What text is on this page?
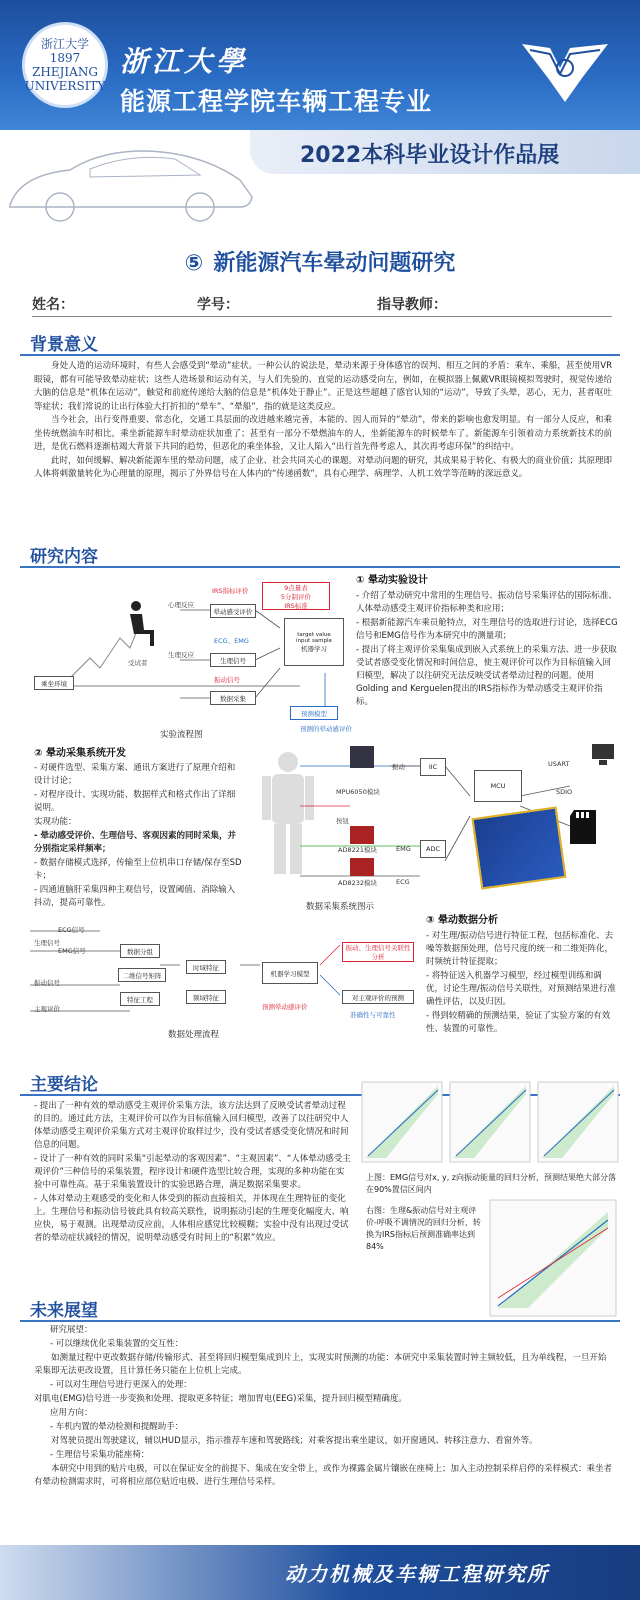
浙江大学
1897
ZHEJIANG UNIVERSITY
浙江大學
能源工程学院车辆工程专业
2022本科毕业设计作品展
⑤ 新能源汽车晕动问题研究
姓名：	学号：	指导教师：
背景意义

身处人造的运动环境时，有些人会感受到“晕动”症状。一种公认的说法是，晕动来源于身体感官的误判、相互之间的矛盾：乘车、乘船，甚至使用VR眼镜，都有可能导致晕动症状；这些人造场景和运动有关，与人们先验的、直觉的运动感受向左，例如，在模拟器上佩戴VR眼镜模拟驾驶时，视觉传递给大脑的信息是“机体在运动”，触觉和前庭传递给大脑的信息是“机体处于静止”。正是这些超越了感官认知的“运动”，导致了头晕，恶心，无力，甚者呕吐等症状；我们常说的让出行体验大打折扣的“晕车”、“晕船”，指的就是这类反应。

当今社会，出行变得重要、常态化，交通工具层面的改进越来越完善，本能的、因人而异的“晕动”，带来的影响也愈发明显。有一部分人反应，和乘坐传统燃油车时相比，乘坐新能源车时晕动症状加重了；甚至有一部分不晕燃油车的人，坐新能源车的时候晕车了。新能源车引领着动力系统新技术的前进，是优石燃料逐渐枯竭大背景下共同的趋势，但恶化的乘坐体验，又让人陷入“出行首先得考虑人，其次再考虑环保”的纠结中。

此时，如何缓解、解决新能源车里的晕动问题，成了企业、社会共同关心的课题。对晕动问题的研究，其成果易于转化、有极大的商业价值；其原理即人体将刺激量转化为心理量的原理，揭示了外界信号在人体内的“传递函数”，具有心理学、病理学、人机工效学等范畴的深远意义。

研究内容
受试者
乘坐环境
心理反应
生理反应
IRS指标评价
晕动感受评价
ECG、EMG
生理信号
振动信号
数据采集
9点量表
5分制评价
IRS标准
target value
input sample
机器学习
预测模型
预测的晕动感评价
实验流程图
① 晕动实验设计
- 介绍了晕动研究中常用的生理信号、振动信号采集评估的国际标准、人体晕动感受主观评价指标种类和应用；
- 根据新能源汽车乘员舱特点，对生理信号的选取进行讨论，选择ECG信号和EMG信号作为本研究中的测量项；
- 提出了将主观评价采集集成到嵌入式系统上的采集方法、进一步获取受试者感受变化情况和时间信息，使主观评价可以作为目标值输入回归模型，解决了以往研究无法反映受试者晕动过程的问题。使用Golding and Kerguelen提出的IRS指标作为晕动感受主观评价指标。
② 晕动采集系统开发
- 对硬件选型、采集方案、通讯方案进行了原理介绍和设计讨论；
- 对程序设计、实现功能、数据样式和格式作出了详细说明。
实现功能：
- 晕动感受评价、生理信号、客观因素的同时采集，并分别指定采样频率；
- 数据存储模式选择，传输至上位机串口存储/保存至SD卡；
- 四通道脑肝采集四种主观信号，设置阈值、消除输入抖动，提高可靠性。
MPU6050模块
振动
按钮
AD8221模块	EMG
AD8232模块	ECG
IIC
ADC
MCU
USART
SDIO
数据采集系统图示
ECG信号
生理信号
EMG信号
振动信号
主观评价
数据分组
二维信号矩阵
特征工程
时域特征
频域特征
机器学习模型
预测晕动感评价
振动、生理信号关联性分析
对主观评价的预测
准确性与可靠性
数据处理流程
③ 晕动数据分析
- 对生理/振动信号进行特征工程，包括标准化、去噪等数据预处理，信号尺度的统一和二维矩阵化，时频统计特征提取；
- 将特征送入机器学习模型，经过模型训练和调优，讨论生理/振动信号关联性，对预测结果进行准确性评估，以及归因。
- 得到较精确的预测结果，验证了实验方案的有效性、装置的可靠性。
主要结论
- 提出了一种有效的晕动感受主观评价采集方法，该方法达到了反映受试者晕动过程的目的。通过此方法，主观评价可以作为目标值输入回归模型，改善了以往研究中人体晕动感受主观评价采集方式对主观评价取样过少，没有受试者感受变化情况和时间信息的问题。
- 设计了一种有效的同时采集“引起晕动的客观因素”、“主观因素”、“人体晕动感受主观评价”三种信号的采集装置，程序设计和硬件选型比较合理，实现的多种功能在实验中可靠性高。基于采集装置设计的实验思路合理，满足数据采集要求。
- 人体对晕动主观感受的变化和人体受到的振动直接相关，并体现在生理特征的变化上。生理信号和振动信号彼此具有较高关联性，说明振动引起的生理变化幅度大、响应快，易于观测。出现晕动反应前，人体相应感觉比较模糊；实验中没有出现过受试者的晕动症状减轻的情况，说明晕动感受有时间上的“积累”效应。
上图：EMG信号对x, y, z向振动能量的回归分析，预测结果绝大部分落在90%置信区间内
右图：生理&振动信号对主观评价-呼吸不调情况的回归分析，转换为IRS指标后预测准确率达到84%
未来展望
研究展望：
- 可以继续优化采集装置的交互性：
如测量过程中更改数据存储/传输形式、甚至将回归模型集成到片上，实现实时预测的功能：本研究中采集装置时钟主频较低，且为单线程，一旦开始采集即无法更改设置，且计算任务只能在上位机上完成。
- 可以对生理信号进行更深入的处理：
对肌电(EMG)信号进一步变换和处理、提取更多特征；增加胃电(EEG)采集，提升回归模型精确度。
应用方向：
- 车机内置的晕动检测和提醒助手：
对驾驶员提出驾驶建议，辅以HUD显示，指示推荐车速和驾驶路线；对乘客提出乘坐建议，如开窗通风、转移注意力、看窗外等。
- 生理信号采集功能座椅：
本研究中用到的贴片电极，可以在保证安全的前提下、集成在安全带上，或作为裸露金属片镶嵌在座椅上；加入主动控制采样启停的采样模式：乘坐者有晕动检测需求时，可将相应部位贴近电极、进行生理信号采样。
动力机械及车辆工程研究所
